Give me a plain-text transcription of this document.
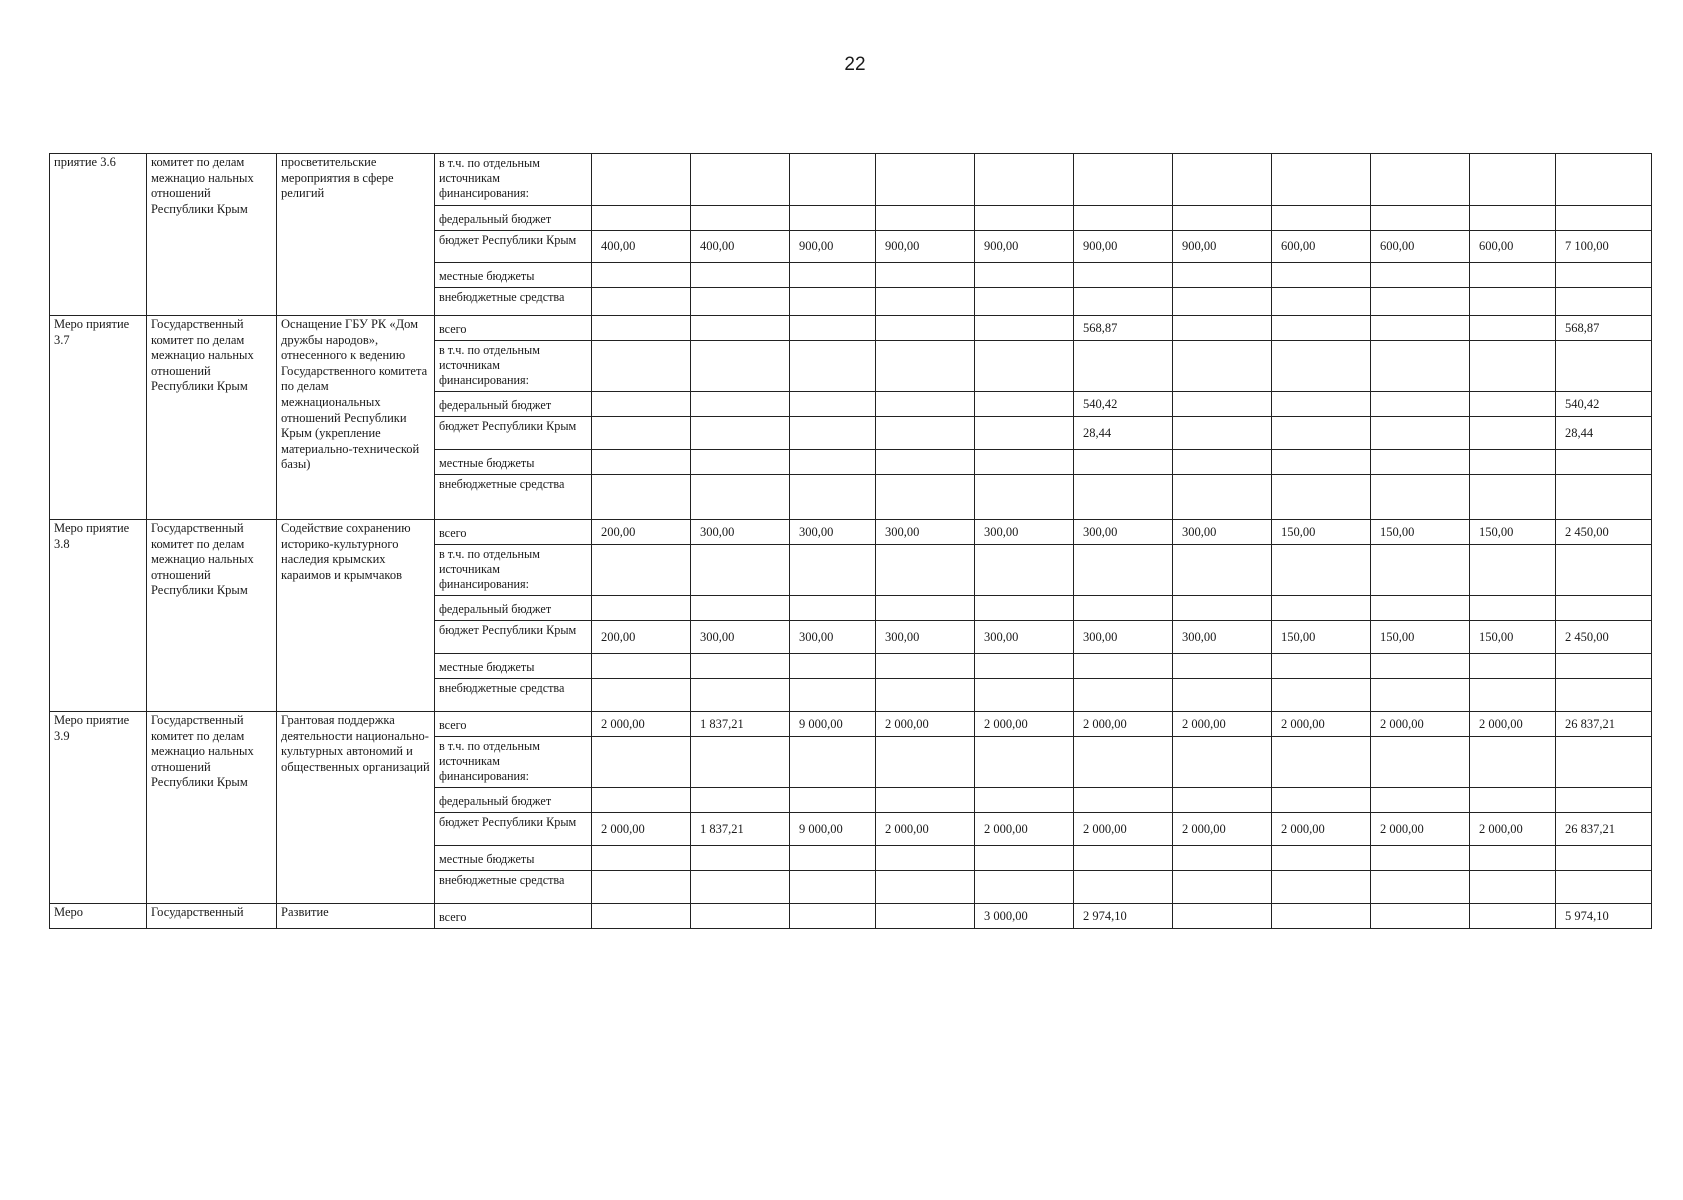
22
приятие 3.6	комитет по делам межнацио нальных отношений Республики Крым	просветительские мероприятия в сфере религий	в т.ч. по отдельным источникам финансирования:											
			федеральный бюджет											
			бюджет Республики Крым	400,00	400,00	900,00	900,00	900,00	900,00	900,00	600,00	600,00	600,00	7 100,00
			местные бюджеты											
			внебюджетные средства											
Меро приятие 3.7	Государственный комитет по делам межнацио нальных отношений Республики Крым	Оснащение ГБУ РК «Дом дружбы народов», отнесенного к ведению Государственного комитета по делам межнациональных отношений Республики Крым (укрепление материально-технической базы)	всего						568,87					568,87
			в т.ч. по отдельным источникам финансирования:											
			федеральный бюджет						540,42					540,42
			бюджет Республики Крым						28,44					28,44
			местные бюджеты											
			внебюджетные средства											
Меро приятие 3.8	Государственный комитет по делам межнацио нальных отношений Республики Крым	Содействие сохранению историко-культурного наследия крымских караимов и крымчаков	всего	200,00	300,00	300,00	300,00	300,00	300,00	300,00	150,00	150,00	150,00	2 450,00
			в т.ч. по отдельным источникам финансирования:											
			федеральный бюджет											
			бюджет Республики Крым	200,00	300,00	300,00	300,00	300,00	300,00	300,00	150,00	150,00	150,00	2 450,00
			местные бюджеты											
			внебюджетные средства											
Меро приятие 3.9	Государственный комитет по делам межнацио нальных отношений Республики Крым	Грантовая поддержка деятельности национально-культурных автономий и общественных организаций	всего	2 000,00	1 837,21	9 000,00	2 000,00	2 000,00	2 000,00	2 000,00	2 000,00	2 000,00	2 000,00	26 837,21
			в т.ч. по отдельным источникам финансирования:											
			федеральный бюджет											
			бюджет Республики Крым	2 000,00	1 837,21	9 000,00	2 000,00	2 000,00	2 000,00	2 000,00	2 000,00	2 000,00	2 000,00	26 837,21
			местные бюджеты											
			внебюджетные средства											
Меро	Государственный	Развитие	всего					3 000,00	2 974,10					5 974,10
